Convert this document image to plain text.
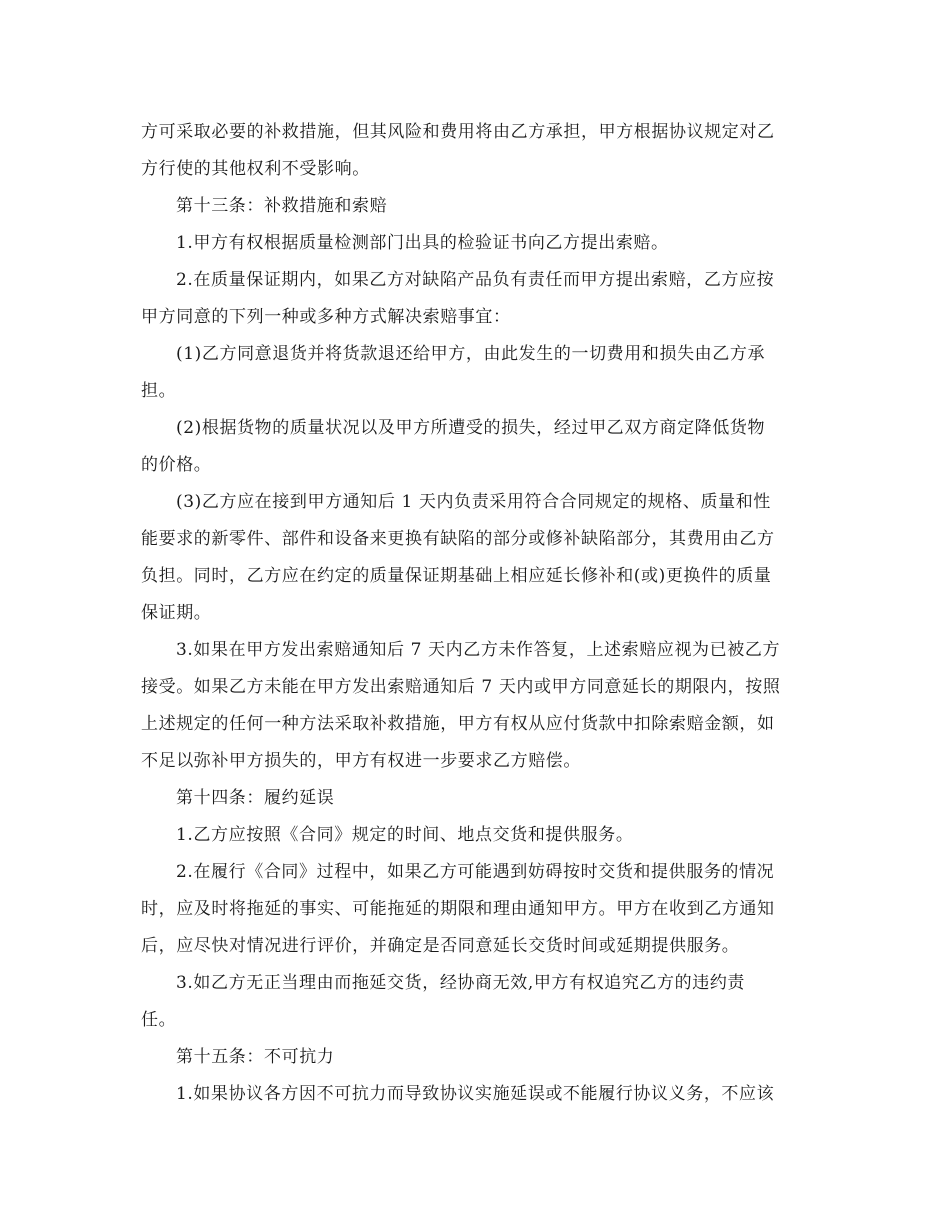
方可采取必要的补救措施，但其风险和费用将由乙方承担，甲方根据协议规定对乙
方行使的其他权利不受影响。
第十三条：补救措施和索赔
1.甲方有权根据质量检测部门出具的检验证书向乙方提出索赔。
2.在质量保证期内，如果乙方对缺陷产品负有责任而甲方提出索赔，乙方应按
甲方同意的下列一种或多种方式解决索赔事宜：
(1)乙方同意退货并将货款退还给甲方，由此发生的一切费用和损失由乙方承
担。
(2)根据货物的质量状况以及甲方所遭受的损失，经过甲乙双方商定降低货物
的价格。
(3)乙方应在接到甲方通知后 1 天内负责采用符合合同规定的规格、质量和性
能要求的新零件、部件和设备来更换有缺陷的部分或修补缺陷部分，其费用由乙方
负担。同时，乙方应在约定的质量保证期基础上相应延长修补和(或)更换件的质量
保证期。
3.如果在甲方发出索赔通知后 7 天内乙方未作答复，上述索赔应视为已被乙方
接受。如果乙方未能在甲方发出索赔通知后 7 天内或甲方同意延长的期限内，按照
上述规定的任何一种方法采取补救措施，甲方有权从应付货款中扣除索赔金额，如
不足以弥补甲方损失的，甲方有权进一步要求乙方赔偿。
第十四条：履约延误
1.乙方应按照《合同》规定的时间、地点交货和提供服务。
2.在履行《合同》过程中，如果乙方可能遇到妨碍按时交货和提供服务的情况
时，应及时将拖延的事实、可能拖延的期限和理由通知甲方。甲方在收到乙方通知
后，应尽快对情况进行评价，并确定是否同意延长交货时间或延期提供服务。
3.如乙方无正当理由而拖延交货，经协商无效,甲方有权追究乙方的违约责
任。
第十五条：不可抗力
1.如果协议各方因不可抗力而导致协议实施延误或不能履行协议义务，不应该
